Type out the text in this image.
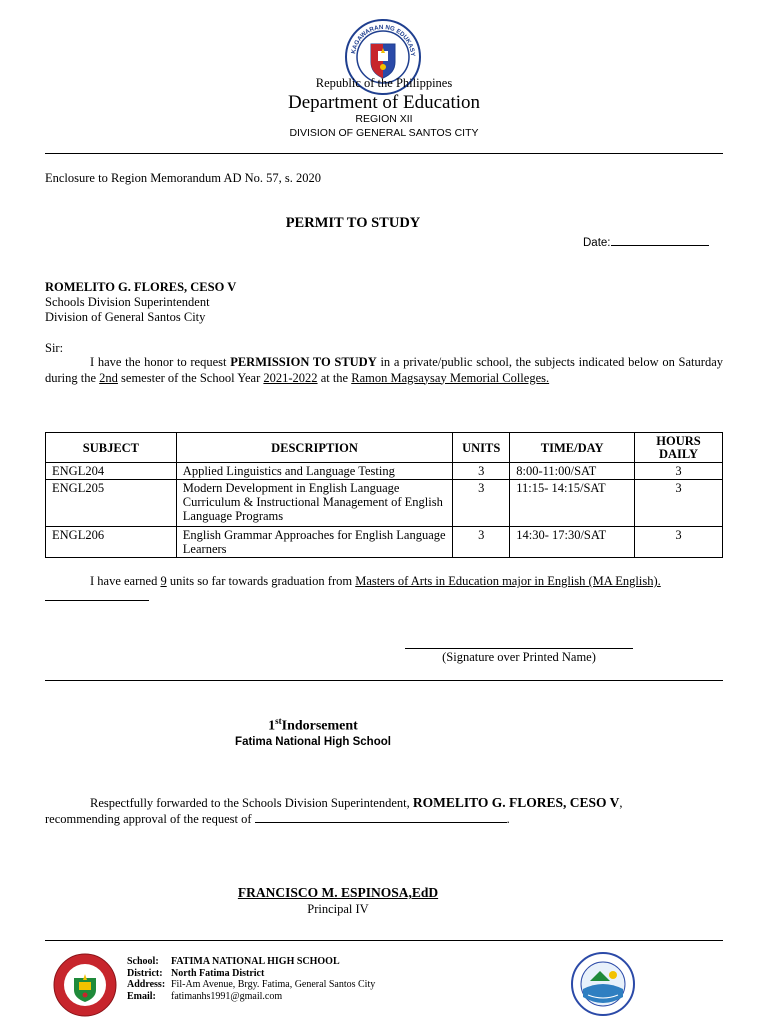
KAGAWARAN NG EDUKASY
Republic of the Philippines
Department of Education
REGION XII
DIVISION OF GENERAL SANTOS CITY
Enclosure to Region Memorandum AD No. 57, s. 2020
PERMIT TO STUDY
Date:
ROMELITO G. FLORES, CESO V
Schools Division Superintendent
Division of General Santos City
Sir:
I have the honor to request PERMISSION TO STUDY in a private/public school, the subjects indicated below on Saturday during the 2nd semester of the School Year 2021-2022 at the Ramon Magsaysay Memorial Colleges.
SUBJECT	DESCRIPTION	UNITS	TIME/DAY	HOURS DAILY
ENGL204	Applied Linguistics and Language Testing	3	8:00-11:00/SAT	3
ENGL205	Modern Development in English Language Curriculum & Instructional Management of English Language Programs	3	11:15- 14:15/SAT	3
ENGL206	English Grammar Approaches for English Language Learners	3	14:30- 17:30/SAT	3
I have earned 9 units so far towards graduation from Masters of Arts in Education major in English (MA English).
(Signature over Printed Name)
1stIndorsement
Fatima National High School
Respectfully forwarded to the Schools Division Superintendent, ROMELITO G. FLORES, CESO V,
recommending approval of the request of	.
FRANCISCO M. ESPINOSA,EdD
Principal IV
School: FATIMA NATIONAL HIGH SCHOOL
District: North Fatima District
Address: Fil-Am Avenue, Brgy. Fatima, General Santos City
Email: fatimanhs1991@gmail.com
